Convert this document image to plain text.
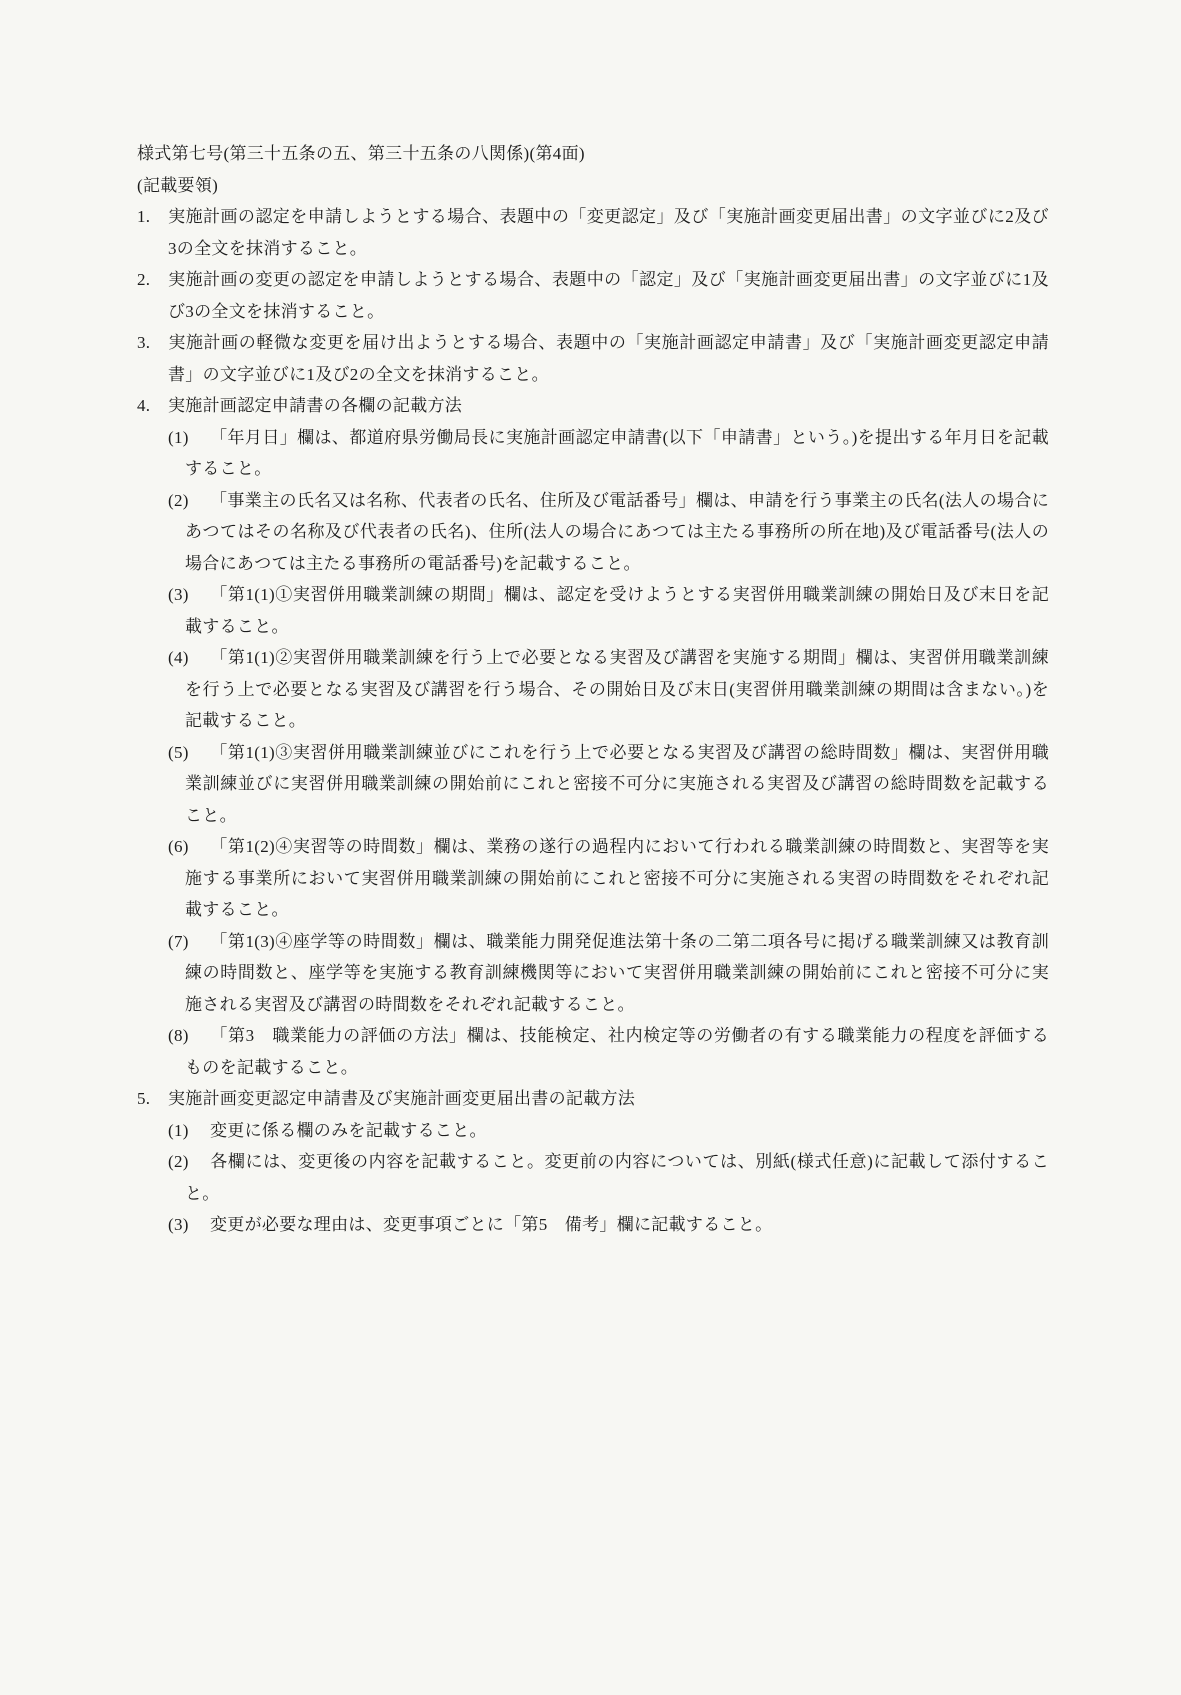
様式第七号(第三十五条の五、第三十五条の八関係)(第4面)
(記載要領)
1. 実施計画の認定を申請しようとする場合、表題中の「変更認定」及び「実施計画変更届出書」の文字並びに2及び3の全文を抹消すること。
2. 実施計画の変更の認定を申請しようとする場合、表題中の「認定」及び「実施計画変更届出書」の文字並びに1及び3の全文を抹消すること。
3. 実施計画の軽微な変更を届け出ようとする場合、表題中の「実施計画認定申請書」及び「実施計画変更認定申請書」の文字並びに1及び2の全文を抹消すること。
4. 実施計画認定申請書の各欄の記載方法
(1) 「年月日」欄は、都道府県労働局長に実施計画認定申請書(以下「申請書」という。)を提出する年月日を記載すること。
(2) 「事業主の氏名又は名称、代表者の氏名、住所及び電話番号」欄は、申請を行う事業主の氏名(法人の場合にあつてはその名称及び代表者の氏名)、住所(法人の場合にあつては主たる事務所の所在地)及び電話番号(法人の場合にあつては主たる事務所の電話番号)を記載すること。
(3) 「第1(1)①実習併用職業訓練の期間」欄は、認定を受けようとする実習併用職業訓練の開始日及び末日を記載すること。
(4) 「第1(1)②実習併用職業訓練を行う上で必要となる実習及び講習を実施する期間」欄は、実習併用職業訓練を行う上で必要となる実習及び講習を行う場合、その開始日及び末日(実習併用職業訓練の期間は含まない。)を記載すること。
(5) 「第1(1)③実習併用職業訓練並びにこれを行う上で必要となる実習及び講習の総時間数」欄は、実習併用職業訓練並びに実習併用職業訓練の開始前にこれと密接不可分に実施される実習及び講習の総時間数を記載すること。
(6) 「第1(2)④実習等の時間数」欄は、業務の遂行の過程内において行われる職業訓練の時間数と、実習等を実施する事業所において実習併用職業訓練の開始前にこれと密接不可分に実施される実習の時間数をそれぞれ記載すること。
(7) 「第1(3)④座学等の時間数」欄は、職業能力開発促進法第十条の二第二項各号に掲げる職業訓練又は教育訓練の時間数と、座学等を実施する教育訓練機関等において実習併用職業訓練の開始前にこれと密接不可分に実施される実習及び講習の時間数をそれぞれ記載すること。
(8) 「第3　職業能力の評価の方法」欄は、技能検定、社内検定等の労働者の有する職業能力の程度を評価するものを記載すること。
5. 実施計画変更認定申請書及び実施計画変更届出書の記載方法
(1) 変更に係る欄のみを記載すること。
(2) 各欄には、変更後の内容を記載すること。変更前の内容については、別紙(様式任意)に記載して添付すること。
(3) 変更が必要な理由は、変更事項ごとに「第5　備考」欄に記載すること。
